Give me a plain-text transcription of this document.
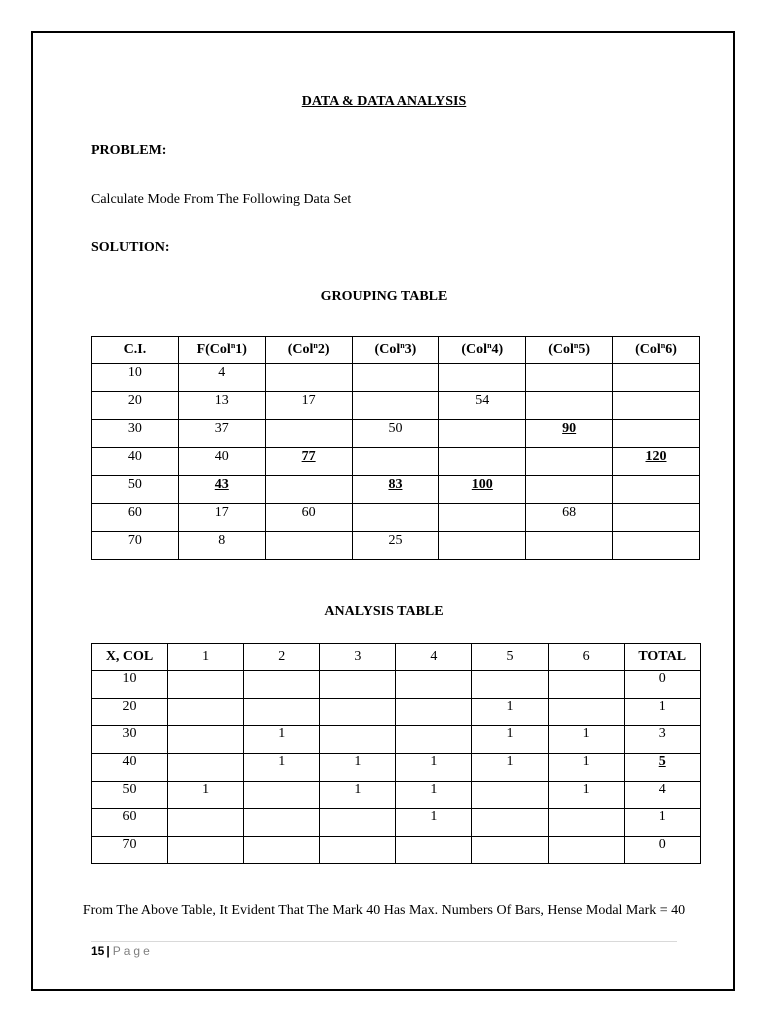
DATA & DATA ANALYSIS
PROBLEM:
Calculate Mode From The Following Data Set
SOLUTION:
GROUPING TABLE
C.I.	F(Col$^n$1)	(Col$^n$2)	(Col$^n$3)	(Col$^n$4)	(Col$^n$5)	(Col$^n$6)
10	4					
20	13	17		54		
30	37		50		90	
40	40	77				120
50	43		83	100		
60	17	60			68	
70	8		25			
ANALYSIS TABLE
X, COL	1	2	3	4	5	6	TOTAL
10							0
20					1		1
30		1			1	1	3
40		1	1	1	1	1	5
50	1		1	1		1	4
60				1			1
70							0
From The Above Table, It Evident That The Mark 40 Has Max. Numbers Of Bars, Hense Modal Mark = 40
15 | Page
